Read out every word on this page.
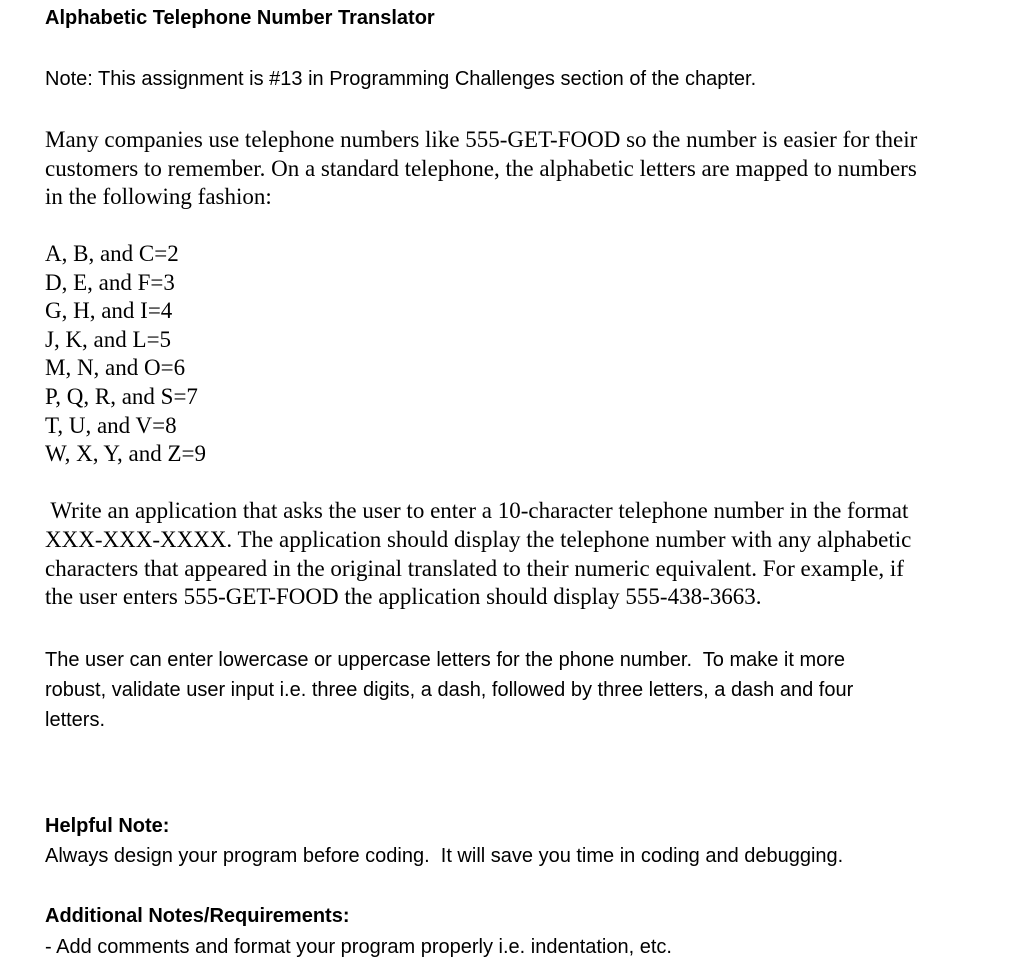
Alphabetic Telephone Number Translator
Note: This assignment is #13 in Programming Challenges section of the chapter.
Many companies use telephone numbers like 555-GET-FOOD so the number is easier for their
customers to remember. On a standard telephone, the alphabetic letters are mapped to numbers
in the following fashion:
A, B, and C=2
D, E, and F=3
G, H, and I=4
J, K, and L=5
M, N, and O=6
P, Q, R, and S=7
T, U, and V=8
W, X, Y, and Z=9
Write an application that asks the user to enter a 10-character telephone number in the format
XXX-XXX-XXXX. The application should display the telephone number with any alphabetic
characters that appeared in the original translated to their numeric equivalent. For example, if
the user enters 555-GET-FOOD the application should display 555-438-3663.
The user can enter lowercase or uppercase letters for the phone number.  To make it more
robust, validate user input i.e. three digits, a dash, followed by three letters, a dash and four
letters.
Helpful Note:
Always design your program before coding.  It will save you time in coding and debugging.
Additional Notes/Requirements:
- Add comments and format your program properly i.e. indentation, etc.
